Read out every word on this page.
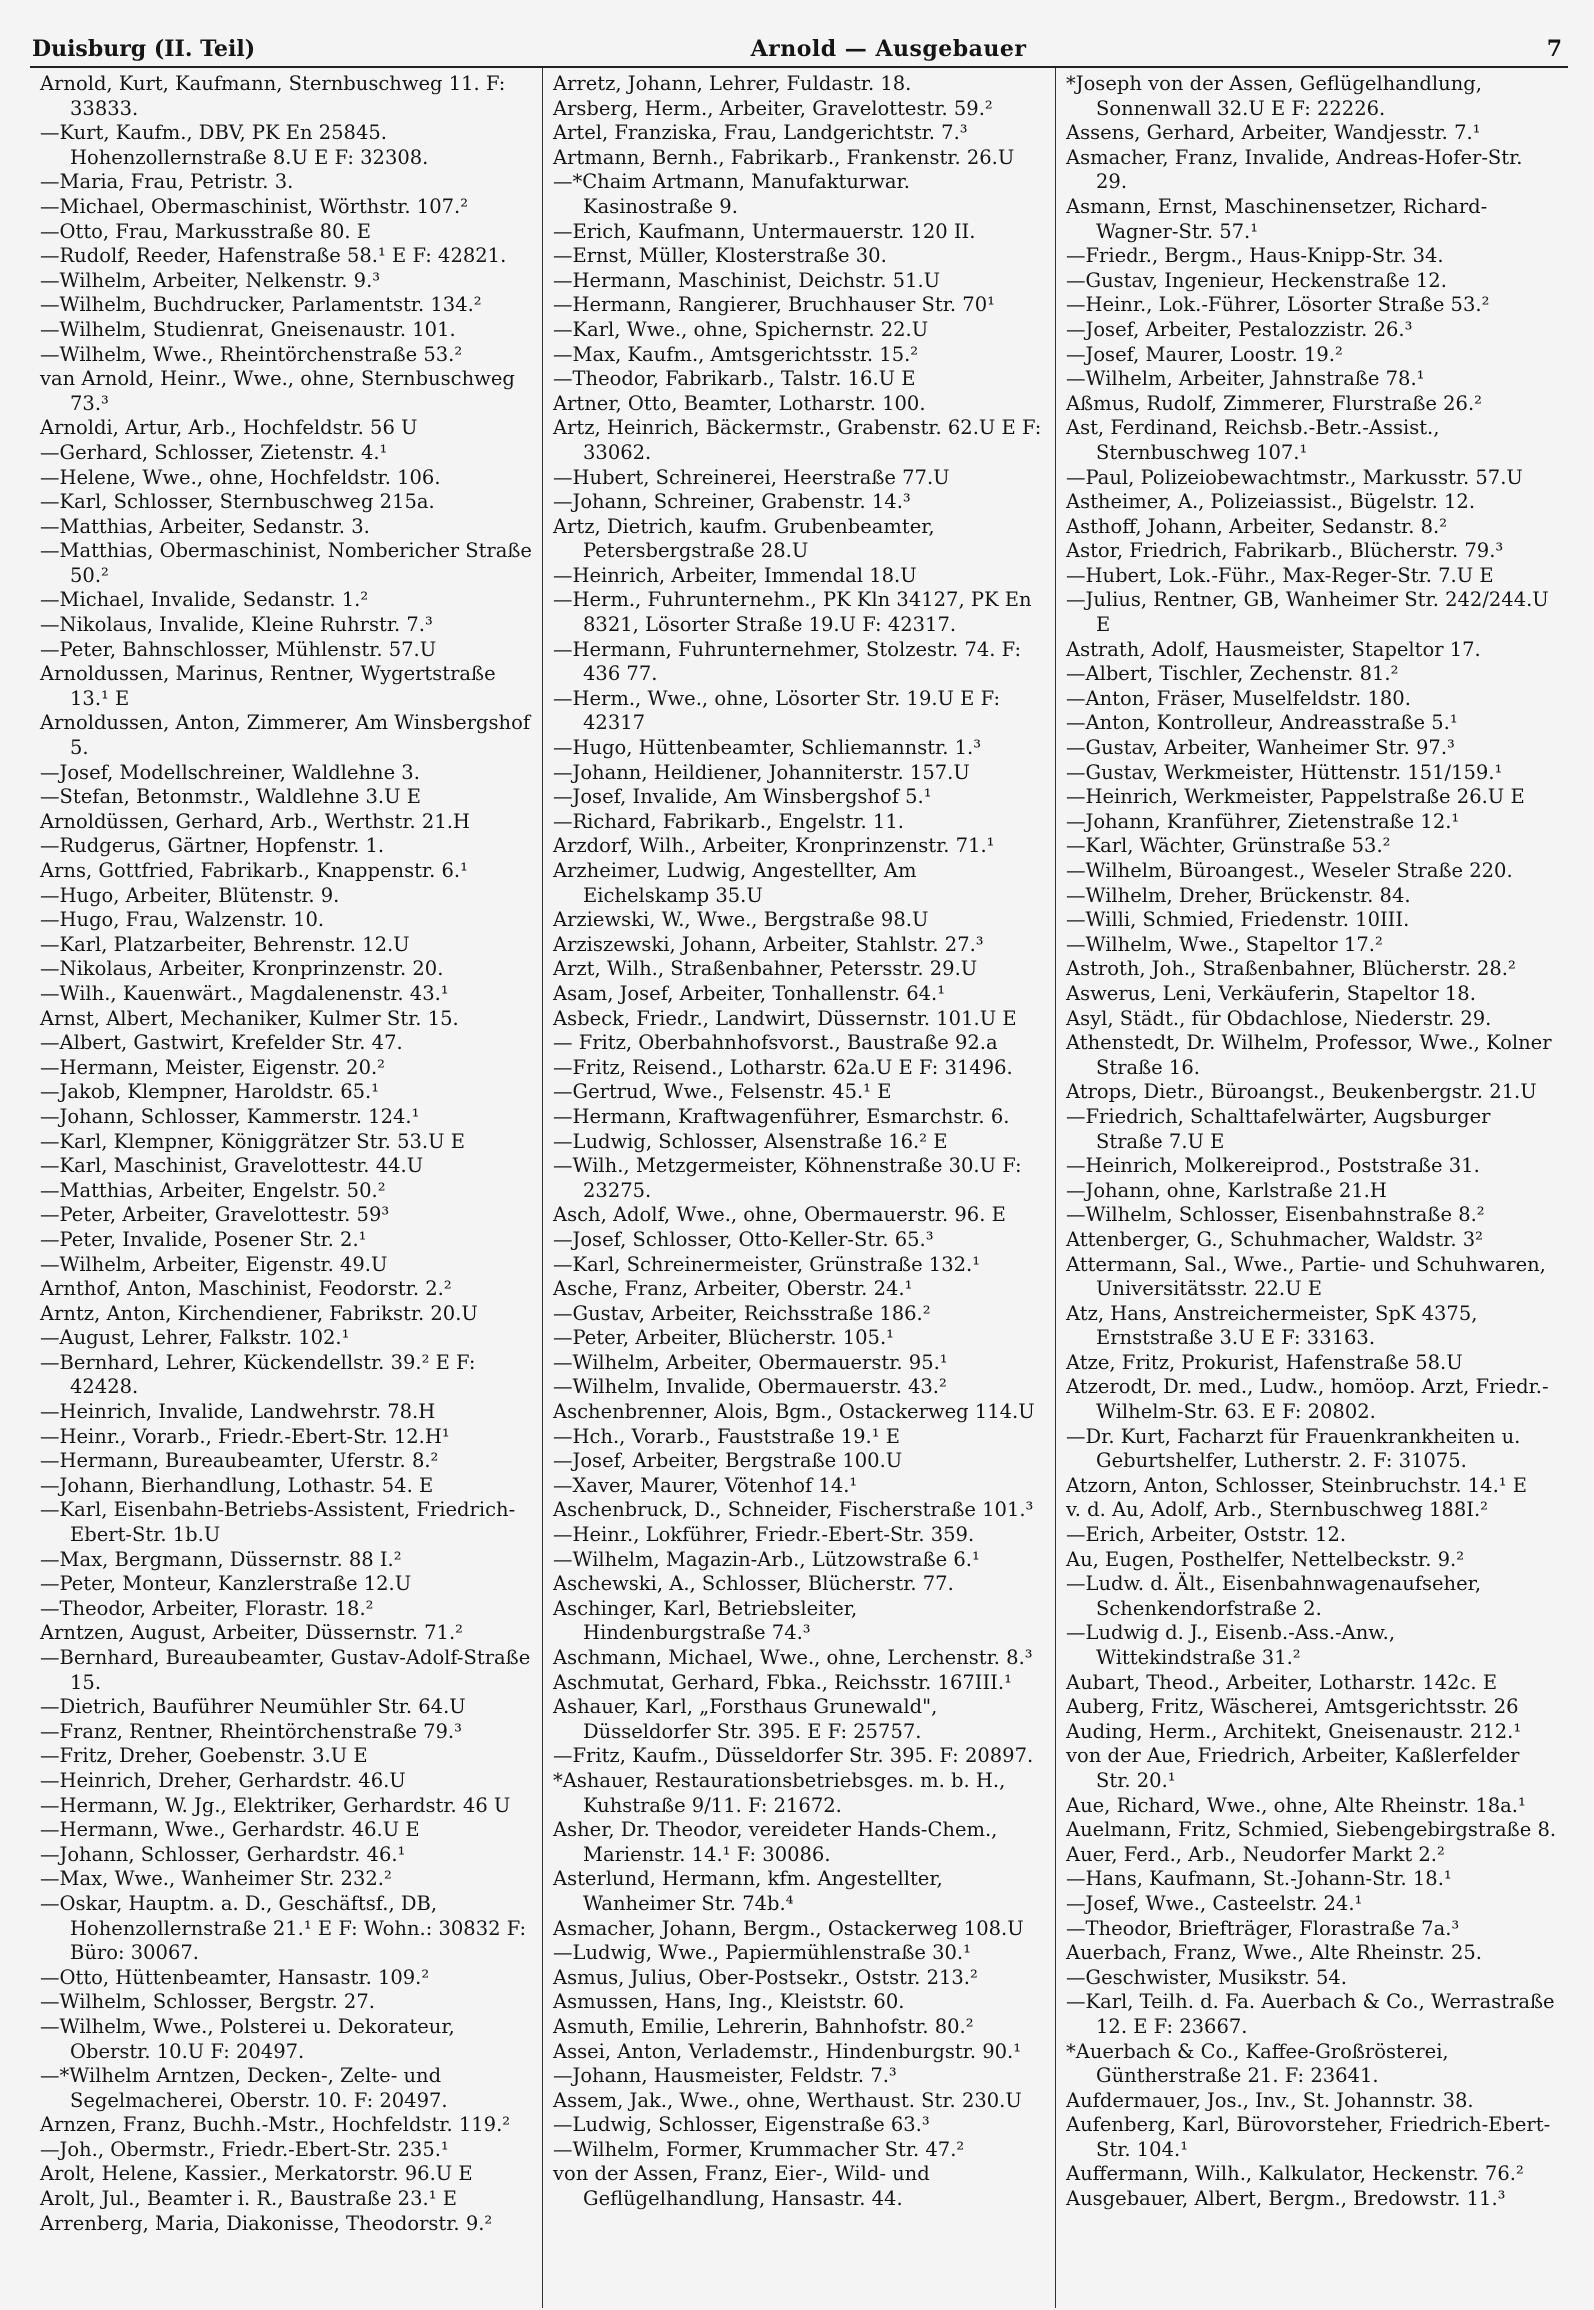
Duisburg (II. Teil)	Arnold — Ausgebauer	7

Arnold, Kurt, Kaufmann, Sternbuschweg 11. F: 33833.

—Kurt, Kaufm., DBV, PK En 25845. Hohenzollernstraße 8.U E F: 32308.

—Maria, Frau, Petristr. 3.

—Michael, Obermaschinist, Wörthstr. 107.²

—Otto, Frau, Markusstraße 80. E

—Rudolf, Reeder, Hafenstraße 58.¹ E F: 42821.

—Wilhelm, Arbeiter, Nelkenstr. 9.³

—Wilhelm, Buchdrucker, Parlamentstr. 134.²

—Wilhelm, Studienrat, Gneisenaustr. 101.

—Wilhelm, Wwe., Rheintörchenstraße 53.²

van Arnold, Heinr., Wwe., ohne, Sternbuschweg 73.³

Arnoldi, Artur, Arb., Hochfeldstr. 56 U

—Gerhard, Schlosser, Zietenstr. 4.¹

—Helene, Wwe., ohne, Hochfeldstr. 106.

—Karl, Schlosser, Sternbuschweg 215a.

—Matthias, Arbeiter, Sedanstr. 3.

—Matthias, Obermaschinist, Nombericher Straße 50.²

—Michael, Invalide, Sedanstr. 1.²

—Nikolaus, Invalide, Kleine Ruhrstr. 7.³

—Peter, Bahnschlosser, Mühlenstr. 57.U

Arnoldussen, Marinus, Rentner, Wygertstraße 13.¹ E

Arnoldussen, Anton, Zimmerer, Am Winsbergshof 5.

—Josef, Modellschreiner, Waldlehne 3.

—Stefan, Betonmstr., Waldlehne 3.U E

Arnoldüssen, Gerhard, Arb., Werthstr. 21.H

—Rudgerus, Gärtner, Hopfenstr. 1.

Arns, Gottfried, Fabrikarb., Knappenstr. 6.¹

—Hugo, Arbeiter, Blütenstr. 9.

—Hugo, Frau, Walzenstr. 10.

—Karl, Platzarbeiter, Behrenstr. 12.U

—Nikolaus, Arbeiter, Kronprinzenstr. 20.

—Wilh., Kauenwärt., Magdalenenstr. 43.¹

Arnst, Albert, Mechaniker, Kulmer Str. 15.

—Albert, Gastwirt, Krefelder Str. 47.

—Hermann, Meister, Eigenstr. 20.²

—Jakob, Klempner, Haroldstr. 65.¹

—Johann, Schlosser, Kammerstr. 124.¹

—Karl, Klempner, Königgrätzer Str. 53.U E

—Karl, Maschinist, Gravelottestr. 44.U

—Matthias, Arbeiter, Engelstr. 50.²

—Peter, Arbeiter, Gravelottestr. 59³

—Peter, Invalide, Posener Str. 2.¹

—Wilhelm, Arbeiter, Eigenstr. 49.U

Arnthof, Anton, Maschinist, Feodorstr. 2.²

Arntz, Anton, Kirchendiener, Fabrikstr. 20.U

—August, Lehrer, Falkstr. 102.¹

—Bernhard, Lehrer, Kückendellstr. 39.² E F: 42428.

—Heinrich, Invalide, Landwehrstr. 78.H

—Heinr., Vorarb., Friedr.-Ebert-Str. 12.H¹

—Hermann, Bureaubeamter, Uferstr. 8.²

—Johann, Bierhandlung, Lothastr. 54. E

—Karl, Eisenbahn-Betriebs-Assistent, Friedrich-Ebert-Str. 1b.U

—Max, Bergmann, Düssernstr. 88 I.²

—Peter, Monteur, Kanzlerstraße 12.U

—Theodor, Arbeiter, Florastr. 18.²

Arntzen, August, Arbeiter, Düssernstr. 71.²

—Bernhard, Bureaubeamter, Gustav-Adolf-Straße 15.

—Dietrich, Bauführer Neumühler Str. 64.U

—Franz, Rentner, Rheintörchenstraße 79.³

—Fritz, Dreher, Goebenstr. 3.U E

—Heinrich, Dreher, Gerhardstr. 46.U

—Hermann, W. Jg., Elektriker, Gerhardstr. 46 U

—Hermann, Wwe., Gerhardstr. 46.U E

—Johann, Schlosser, Gerhardstr. 46.¹

—Max, Wwe., Wanheimer Str. 232.²

—Oskar, Hauptm. a. D., Geschäftsf., DB, Hohenzollernstraße 21.¹ E F: Wohn.: 30832 F: Büro: 30067.

—Otto, Hüttenbeamter, Hansastr. 109.²

—Wilhelm, Schlosser, Bergstr. 27.

—Wilhelm, Wwe., Polsterei u. Dekorateur, Oberstr. 10.U F: 20497.

—*Wilhelm Arntzen, Decken-, Zelte- und Segelmacherei, Oberstr. 10. F: 20497.

Arnzen, Franz, Buchh.-Mstr., Hochfeldstr. 119.²

—Joh., Obermstr., Friedr.-Ebert-Str. 235.¹

Arolt, Helene, Kassier., Merkatorstr. 96.U E

Arolt, Jul., Beamter i. R., Baustraße 23.¹ E

Arrenberg, Maria, Diakonisse, Theodorstr. 9.²

Arretz, Johann, Lehrer, Fuldastr. 18.

Arsberg, Herm., Arbeiter, Gravelottestr. 59.²

Artel, Franziska, Frau, Landgerichtstr. 7.³

Artmann, Bernh., Fabrikarb., Frankenstr. 26.U

—*Chaim Artmann, Manufakturwar. Kasinostraße 9.

—Erich, Kaufmann, Untermauerstr. 120 II.

—Ernst, Müller, Klosterstraße 30.

—Hermann, Maschinist, Deichstr. 51.U

—Hermann, Rangierer, Bruchhauser Str. 70¹

—Karl, Wwe., ohne, Spichernstr. 22.U

—Max, Kaufm., Amtsgerichtsstr. 15.²

—Theodor, Fabrikarb., Talstr. 16.U E

Artner, Otto, Beamter, Lotharstr. 100.

Artz, Heinrich, Bäckermstr., Grabenstr. 62.U E F: 33062.

—Hubert, Schreinerei, Heerstraße 77.U

—Johann, Schreiner, Grabenstr. 14.³

Artz, Dietrich, kaufm. Grubenbeamter, Petersbergstraße 28.U

—Heinrich, Arbeiter, Immendal 18.U

—Herm., Fuhrunternehm., PK Kln 34127, PK En 8321, Lösorter Straße 19.U F: 42317.

—Hermann, Fuhrunternehmer, Stolzestr. 74. F: 436 77.

—Herm., Wwe., ohne, Lösorter Str. 19.U E F: 42317

—Hugo, Hüttenbeamter, Schliemannstr. 1.³

—Johann, Heildiener, Johanniterstr. 157.U

—Josef, Invalide, Am Winsbergshof 5.¹

—Richard, Fabrikarb., Engelstr. 11.

Arzdorf, Wilh., Arbeiter, Kronprinzenstr. 71.¹

Arzheimer, Ludwig, Angestellter, Am Eichelskamp 35.U

Arziewski, W., Wwe., Bergstraße 98.U

Arziszewski, Johann, Arbeiter, Stahlstr. 27.³

Arzt, Wilh., Straßenbahner, Petersstr. 29.U

Asam, Josef, Arbeiter, Tonhallenstr. 64.¹

Asbeck, Friedr., Landwirt, Düssernstr. 101.U E

— Fritz, Oberbahnhofsvorst., Baustraße 92.a

—Fritz, Reisend., Lotharstr. 62a.U E F: 31496.

—Gertrud, Wwe., Felsenstr. 45.¹ E

—Hermann, Kraftwagenführer, Esmarchstr. 6.

—Ludwig, Schlosser, Alsenstraße 16.² E

—Wilh., Metzgermeister, Köhnenstraße 30.U F: 23275.

Asch, Adolf, Wwe., ohne, Obermauerstr. 96. E

—Josef, Schlosser, Otto-Keller-Str. 65.³

—Karl, Schreinermeister, Grünstraße 132.¹

Asche, Franz, Arbeiter, Oberstr. 24.¹

—Gustav, Arbeiter, Reichsstraße 186.²

—Peter, Arbeiter, Blücherstr. 105.¹

—Wilhelm, Arbeiter, Obermauerstr. 95.¹

—Wilhelm, Invalide, Obermauerstr. 43.²

Aschenbrenner, Alois, Bgm., Ostackerweg 114.U

—Hch., Vorarb., Fauststraße 19.¹ E

—Josef, Arbeiter, Bergstraße 100.U

—Xaver, Maurer, Vötenhof 14.¹

Aschenbruck, D., Schneider, Fischerstraße 101.³

—Heinr., Lokführer, Friedr.-Ebert-Str. 359.

—Wilhelm, Magazin-Arb., Lützowstraße 6.¹

Aschewski, A., Schlosser, Blücherstr. 77.

Aschinger, Karl, Betriebsleiter, Hindenburgstraße 74.³

Aschmann, Michael, Wwe., ohne, Lerchenstr. 8.³

Aschmutat, Gerhard, Fbkа., Reichsstr. 167III.¹

Ashauer, Karl, „Forsthaus Grunewald", Düsseldorfer Str. 395. E F: 25757.

—Fritz, Kaufm., Düsseldorfer Str. 395. F: 20897.

*Ashauer, Restaurationsbetriebsges. m. b. H., Kuhstraße 9/11. F: 21672.

Asher, Dr. Theodor, vereideter Hands-Chem., Marienstr. 14.¹ F: 30086.

Asterlund, Hermann, kfm. Angestellter, Wanheimer Str. 74b.⁴

Asmacher, Johann, Bergm., Ostackerweg 108.U

—Ludwig, Wwe., Papiermühlenstraße 30.¹

Asmus, Julius, Ober-Postsekr., Oststr. 213.²

Asmussen, Hans, Ing., Kleiststr. 60.

Asmuth, Emilie, Lehrerin, Bahnhofstr. 80.²

Assei, Anton, Verlademstr., Hindenburgstr. 90.¹

—Johann, Hausmeister, Feldstr. 7.³

Assem, Jak., Wwe., ohne, Werthaust. Str. 230.U

—Ludwig, Schlosser, Eigenstraße 63.³

—Wilhelm, Former, Krummacher Str. 47.²

von der Assen, Franz, Eier-, Wild- und Geflügelhandlung, Hansastr. 44.

*Joseph von der Assen, Geflügelhandlung, Sonnenwall 32.U E F: 22226.

Assens, Gerhard, Arbeiter, Wandjesstr. 7.¹

Asmacher, Franz, Invalide, Andreas-Hofer-Str. 29.

Asmann, Ernst, Maschinensetzer, Richard-Wagner-Str. 57.¹

—Friedr., Bergm., Haus-Knipp-Str. 34.

—Gustav, Ingenieur, Heckenstraße 12.

—Heinr., Lok.-Führer, Lösorter Straße 53.²

—Josef, Arbeiter, Pestalozzistr. 26.³

—Josef, Maurer, Loostr. 19.²

—Wilhelm, Arbeiter, Jahnstraße 78.¹

Aßmus, Rudolf, Zimmerer, Flurstraße 26.²

Ast, Ferdinand, Reichsb.-Betr.-Assist., Sternbuschweg 107.¹

—Paul, Polizeiobewachtmstr., Markusstr. 57.U

Astheimer, A., Polizeiassist., Bügelstr. 12.

Asthoff, Johann, Arbeiter, Sedanstr. 8.²

Astor, Friedrich, Fabrikarb., Blücherstr. 79.³

—Hubert, Lok.-Führ., Max-Reger-Str. 7.U E

—Julius, Rentner, GB, Wanheimer Str. 242/244.U E

Astrath, Adolf, Hausmeister, Stapeltor 17.

—Albert, Tischler, Zechenstr. 81.²

—Anton, Fräser, Muselfeldstr. 180.

—Anton, Kontrolleur, Andreasstraße 5.¹

—Gustav, Arbeiter, Wanheimer Str. 97.³

—Gustav, Werkmeister, Hüttenstr. 151/159.¹

—Heinrich, Werkmeister, Pappelstraße 26.U E

—Johann, Kranführer, Zietenstraße 12.¹

—Karl, Wächter, Grünstraße 53.²

—Wilhelm, Büroangest., Weseler Straße 220.

—Wilhelm, Dreher, Brückenstr. 84.

—Willi, Schmied, Friedenstr. 10III.

—Wilhelm, Wwe., Stapeltor 17.²

Astroth, Joh., Straßenbahner, Blücherstr. 28.²

Aswerus, Leni, Verkäuferin, Stapeltor 18.

Asyl, Städt., für Obdachlose, Niederstr. 29.

Athenstedt, Dr. Wilhelm, Professor, Wwe., Kolner Straße 16.

Atrops, Dietr., Büroangst., Beukenbergstr. 21.U

—Friedrich, Schalttafelwärter, Augsburger Straße 7.U E

—Heinrich, Molkereiprod., Poststraße 31.

—Johann, ohne, Karlstraße 21.H

—Wilhelm, Schlosser, Eisenbahnstraße 8.²

Attenberger, G., Schuhmacher, Waldstr. 3²

Attermann, Sal., Wwe., Partie- und Schuhwaren, Universitätsstr. 22.U E

Atz, Hans, Anstreichermeister, SpK 4375, Ernststraße 3.U E F: 33163.

Atze, Fritz, Prokurist, Hafenstraße 58.U

Atzerodt, Dr. med., Ludw., homöop. Arzt, Friedr.-Wilhelm-Str. 63. E F: 20802.

—Dr. Kurt, Facharzt für Frauenkrankheiten u. Geburtshelfer, Lutherstr. 2. F: 31075.

Atzorn, Anton, Schlosser, Steinbruchstr. 14.¹ E

v. d. Au, Adolf, Arb., Sternbuschweg 188I.²

—Erich, Arbeiter, Oststr. 12.

Au, Eugen, Posthelfer, Nettelbeckstr. 9.²

—Ludw. d. Ält., Eisenbahnwagenaufseher, Schenkendorfstraße 2.

—Ludwig d. J., Eisenb.-Ass.-Anw., Wittekindstraße 31.²

Aubart, Theod., Arbeiter, Lotharstr. 142c. E

Auberg, Fritz, Wäscherei, Amtsgerichtsstr. 26

Auding, Herm., Architekt, Gneisenaustr. 212.¹

von der Aue, Friedrich, Arbeiter, Kaßlerfelder Str. 20.¹

Aue, Richard, Wwe., ohne, Alte Rheinstr. 18a.¹

Auelmann, Fritz, Schmied, Siebengebirgstraße 8.

Auer, Ferd., Arb., Neudorfer Markt 2.²

—Hans, Kaufmann, St.-Johann-Str. 18.¹

—Josef, Wwe., Casteelstr. 24.¹

—Theodor, Briefträger, Florastraße 7a.³

Auerbach, Franz, Wwe., Alte Rheinstr. 25.

—Geschwister, Musikstr. 54.

—Karl, Teilh. d. Fa. Auerbach & Co., Werrastraße 12. E F: 23667.

*Auerbach & Co., Kaffee-Großrösterei, Güntherstraße 21. F: 23641.

Aufdermauer, Jos., Inv., St. Johannstr. 38.

Aufenberg, Karl, Bürovorsteher, Friedrich-Ebert-Str. 104.¹

Auffermann, Wilh., Kalkulator, Heckenstr. 76.²

Ausgebauer, Albert, Bergm., Bredowstr. 11.³
